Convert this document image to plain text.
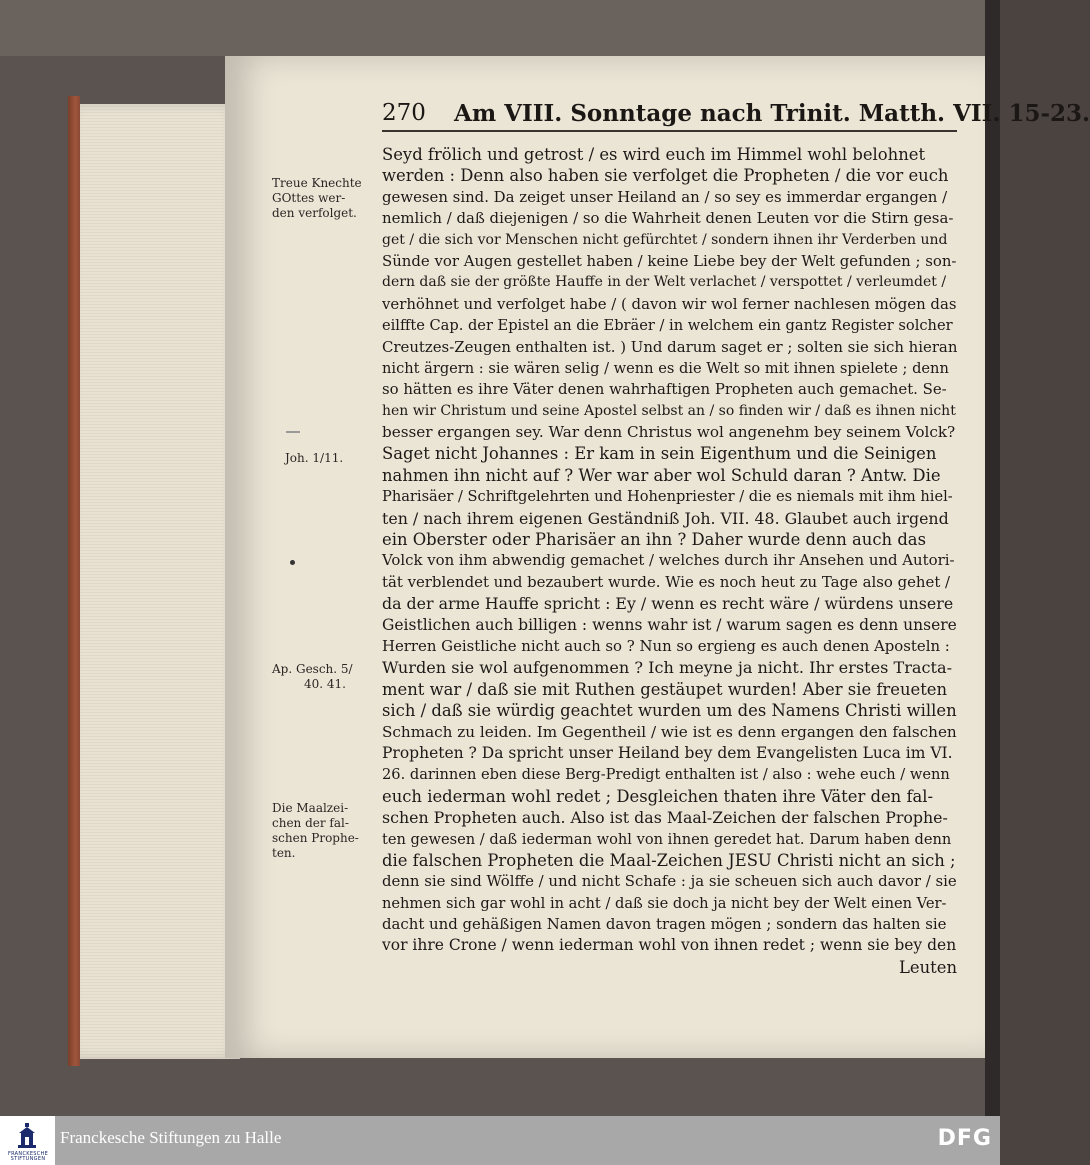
270 Am VIII. Sonntage nach Trinit. Matth. VII. 15-23.
Seyd frölich und getrost / es wird euch im Himmel wohl belohnet
werden : Denn also haben sie verfolget die Propheten / die vor euch
gewesen sind. Da zeiget unser Heiland an / so sey es immerdar ergangen /
nemlich / daß diejenigen / so die Wahrheit denen Leuten vor die Stirn gesa-
get / die sich vor Menschen nicht gefürchtet / sondern ihnen ihr Verderben und
Sünde vor Augen gestellet haben / keine Liebe bey der Welt gefunden ; son-
dern daß sie der größte Hauffe in der Welt verlachet / verspottet / verleumdet /
verhöhnet und verfolget habe / ( davon wir wol ferner nachlesen mögen das
eilffte Cap. der Epistel an die Ebräer / in welchem ein gantz Register solcher
Creutzes-Zeugen enthalten ist. ) Und darum saget er ; solten sie sich hieran
nicht ärgern : sie wären selig / wenn es die Welt so mit ihnen spielete ; denn
so hätten es ihre Väter denen wahrhaftigen Propheten auch gemachet. Se-
hen wir Christum und seine Apostel selbst an / so finden wir / daß es ihnen nicht
besser ergangen sey. War denn Christus wol angenehm bey seinem Volck?
Saget nicht Johannes : Er kam in sein Eigenthum und die Seinigen
nahmen ihn nicht auf ? Wer war aber wol Schuld daran ? Antw. Die
Pharisäer / Schriftgelehrten und Hohenpriester / die es niemals mit ihm hiel-
ten / nach ihrem eigenen Geständniß Joh. VII. 48. Glaubet auch irgend
ein Oberster oder Pharisäer an ihn ? Daher wurde denn auch das
Volck von ihm abwendig gemachet / welches durch ihr Ansehen und Autori-
tät verblendet und bezaubert wurde. Wie es noch heut zu Tage also gehet /
da der arme Hauffe spricht : Ey / wenn es recht wäre / würdens unsere
Geistlichen auch billigen : wenns wahr ist / warum sagen es denn unsere
Herren Geistliche nicht auch so ? Nun so ergieng es auch denen Aposteln :
Wurden sie wol aufgenommen ? Ich meyne ja nicht. Ihr erstes Tracta-
ment war / daß sie mit Ruthen gestäupet wurden! Aber sie freueten
sich / daß sie würdig geachtet wurden um des Namens Christi willen
Schmach zu leiden. Im Gegentheil / wie ist es denn ergangen den falschen
Propheten ? Da spricht unser Heiland bey dem Evangelisten Luca im VI.
26. darinnen eben diese Berg-Predigt enthalten ist / also : wehe euch / wenn
euch iederman wohl redet ; Desgleichen thaten ihre Väter den fal-
schen Propheten auch. Also ist das Maal-Zeichen der falschen Prophe-
ten gewesen / daß iederman wohl von ihnen geredet hat. Darum haben denn
die falschen Propheten die Maal-Zeichen JESU Christi nicht an sich ;
denn sie sind Wölffe / und nicht Schafe : ja sie scheuen sich auch davor / sie
nehmen sich gar wohl in acht / daß sie doch ja nicht bey der Welt einen Ver-
dacht und gehäßigen Namen davon tragen mögen ; sondern das halten sie
vor ihre Crone / wenn iederman wohl von ihnen redet ; wenn sie bey den
Leuten
Treue Knechte
GOttes wer-
den verfolget.
Joh. 1/11.
Ap. Gesch. 5/
40. 41.
Die Maalzei-
chen der fal-
schen Prophe-
ten.
FRANCKESCHE STIFTUNGEN
Franckesche Stiftungen zu Halle	DFG
